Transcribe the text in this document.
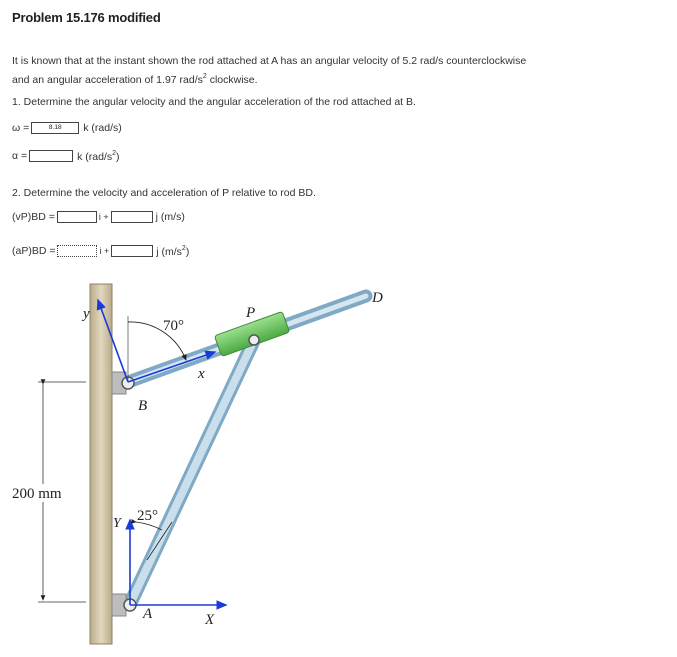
Problem 15.176 modified
It is known that at the instant shown the rod attached at A has an angular velocity of 5.2 rad/s counterclockwise
and an angular acceleration of 1.97 rad/$s^2$ clockwise.
1. Determine the angular velocity and the angular acceleration of the rod attached at B.
ω =	8.18	k (rad/s)
α =	k $(rad/s^2)$
2. Determine the velocity and acceleration of P relative to rod BD.
(vP)BD =	i +	j (m/s)
(aP)BD =	i +	j $(m/s^2)$
200 mm
70°
25°
D
P
B
A
x
y
X
Y
